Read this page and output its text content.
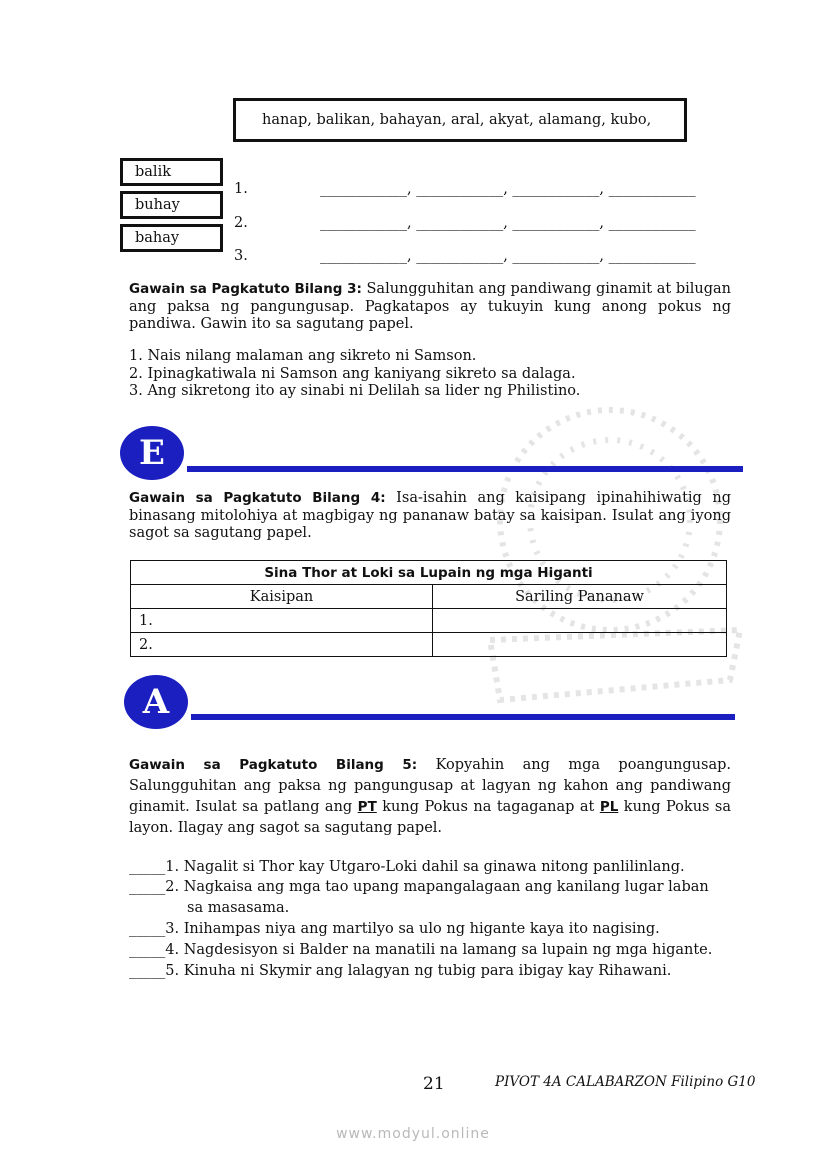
hanap, balikan, bahayan, aral, akyat, alamang, kubo,
balik
buhay
bahay
1.	____________, ____________, ____________, ____________
2.	____________, ____________, ____________, ____________
3.	____________, ____________, ____________, ____________
Gawain sa Pagkatuto Bilang 3: Salungguhitan ang pandiwang ginamit at bilugan ang paksa ng pangungusap. Pagkatapos ay tukuyin kung anong pokus ng pandiwa. Gawin ito sa sagutang papel.
1. Nais nilang malaman ang sikreto ni Samson.
2. Ipinagkatiwala ni Samson ang kaniyang sikreto sa dalaga.
3. Ang sikretong ito ay sinabi ni Delilah sa lider ng Philistino.
E
Gawain sa Pagkatuto Bilang 4: Isa-isahin ang kaisipang ipinahihiwatig ng binasang mitolohiya at magbigay ng pananaw batay sa kaisipan. Isulat ang iyong sagot sa sagutang papel.
Sina Thor at Loki sa Lupain ng mga Higanti	
Kaisipan	Sariling Pananaw
1.	
2.	
A
Gawain sa Pagkatuto Bilang 5: Kopyahin ang mga poangungusap. Salungguhitan ang paksa ng pangungusap at lagyan ng kahon ang pandiwang ginamit. Isulat sa patlang ang PT kung Pokus na tagaganap at PL kung Pokus sa layon. Ilagay ang sagot sa sagutang papel.
_____1. Nagalit si Thor kay Utgaro-Loki dahil sa ginawa nitong panlilinlang.
_____2. Nagkaisa ang mga tao upang mapangalagaan ang kanilang lugar laban
sa masasama.
_____3. Inihampas niya ang martilyo sa ulo ng higante kaya ito nagising.
_____4. Nagdesisyon si Balder na manatili na lamang sa lupain ng mga higante.
_____5. Kinuha ni Skymir ang lalagyan ng tubig para ibigay kay Rihawani.
21	PIVOT 4A CALABARZON Filipino G10
www.modyul.online
